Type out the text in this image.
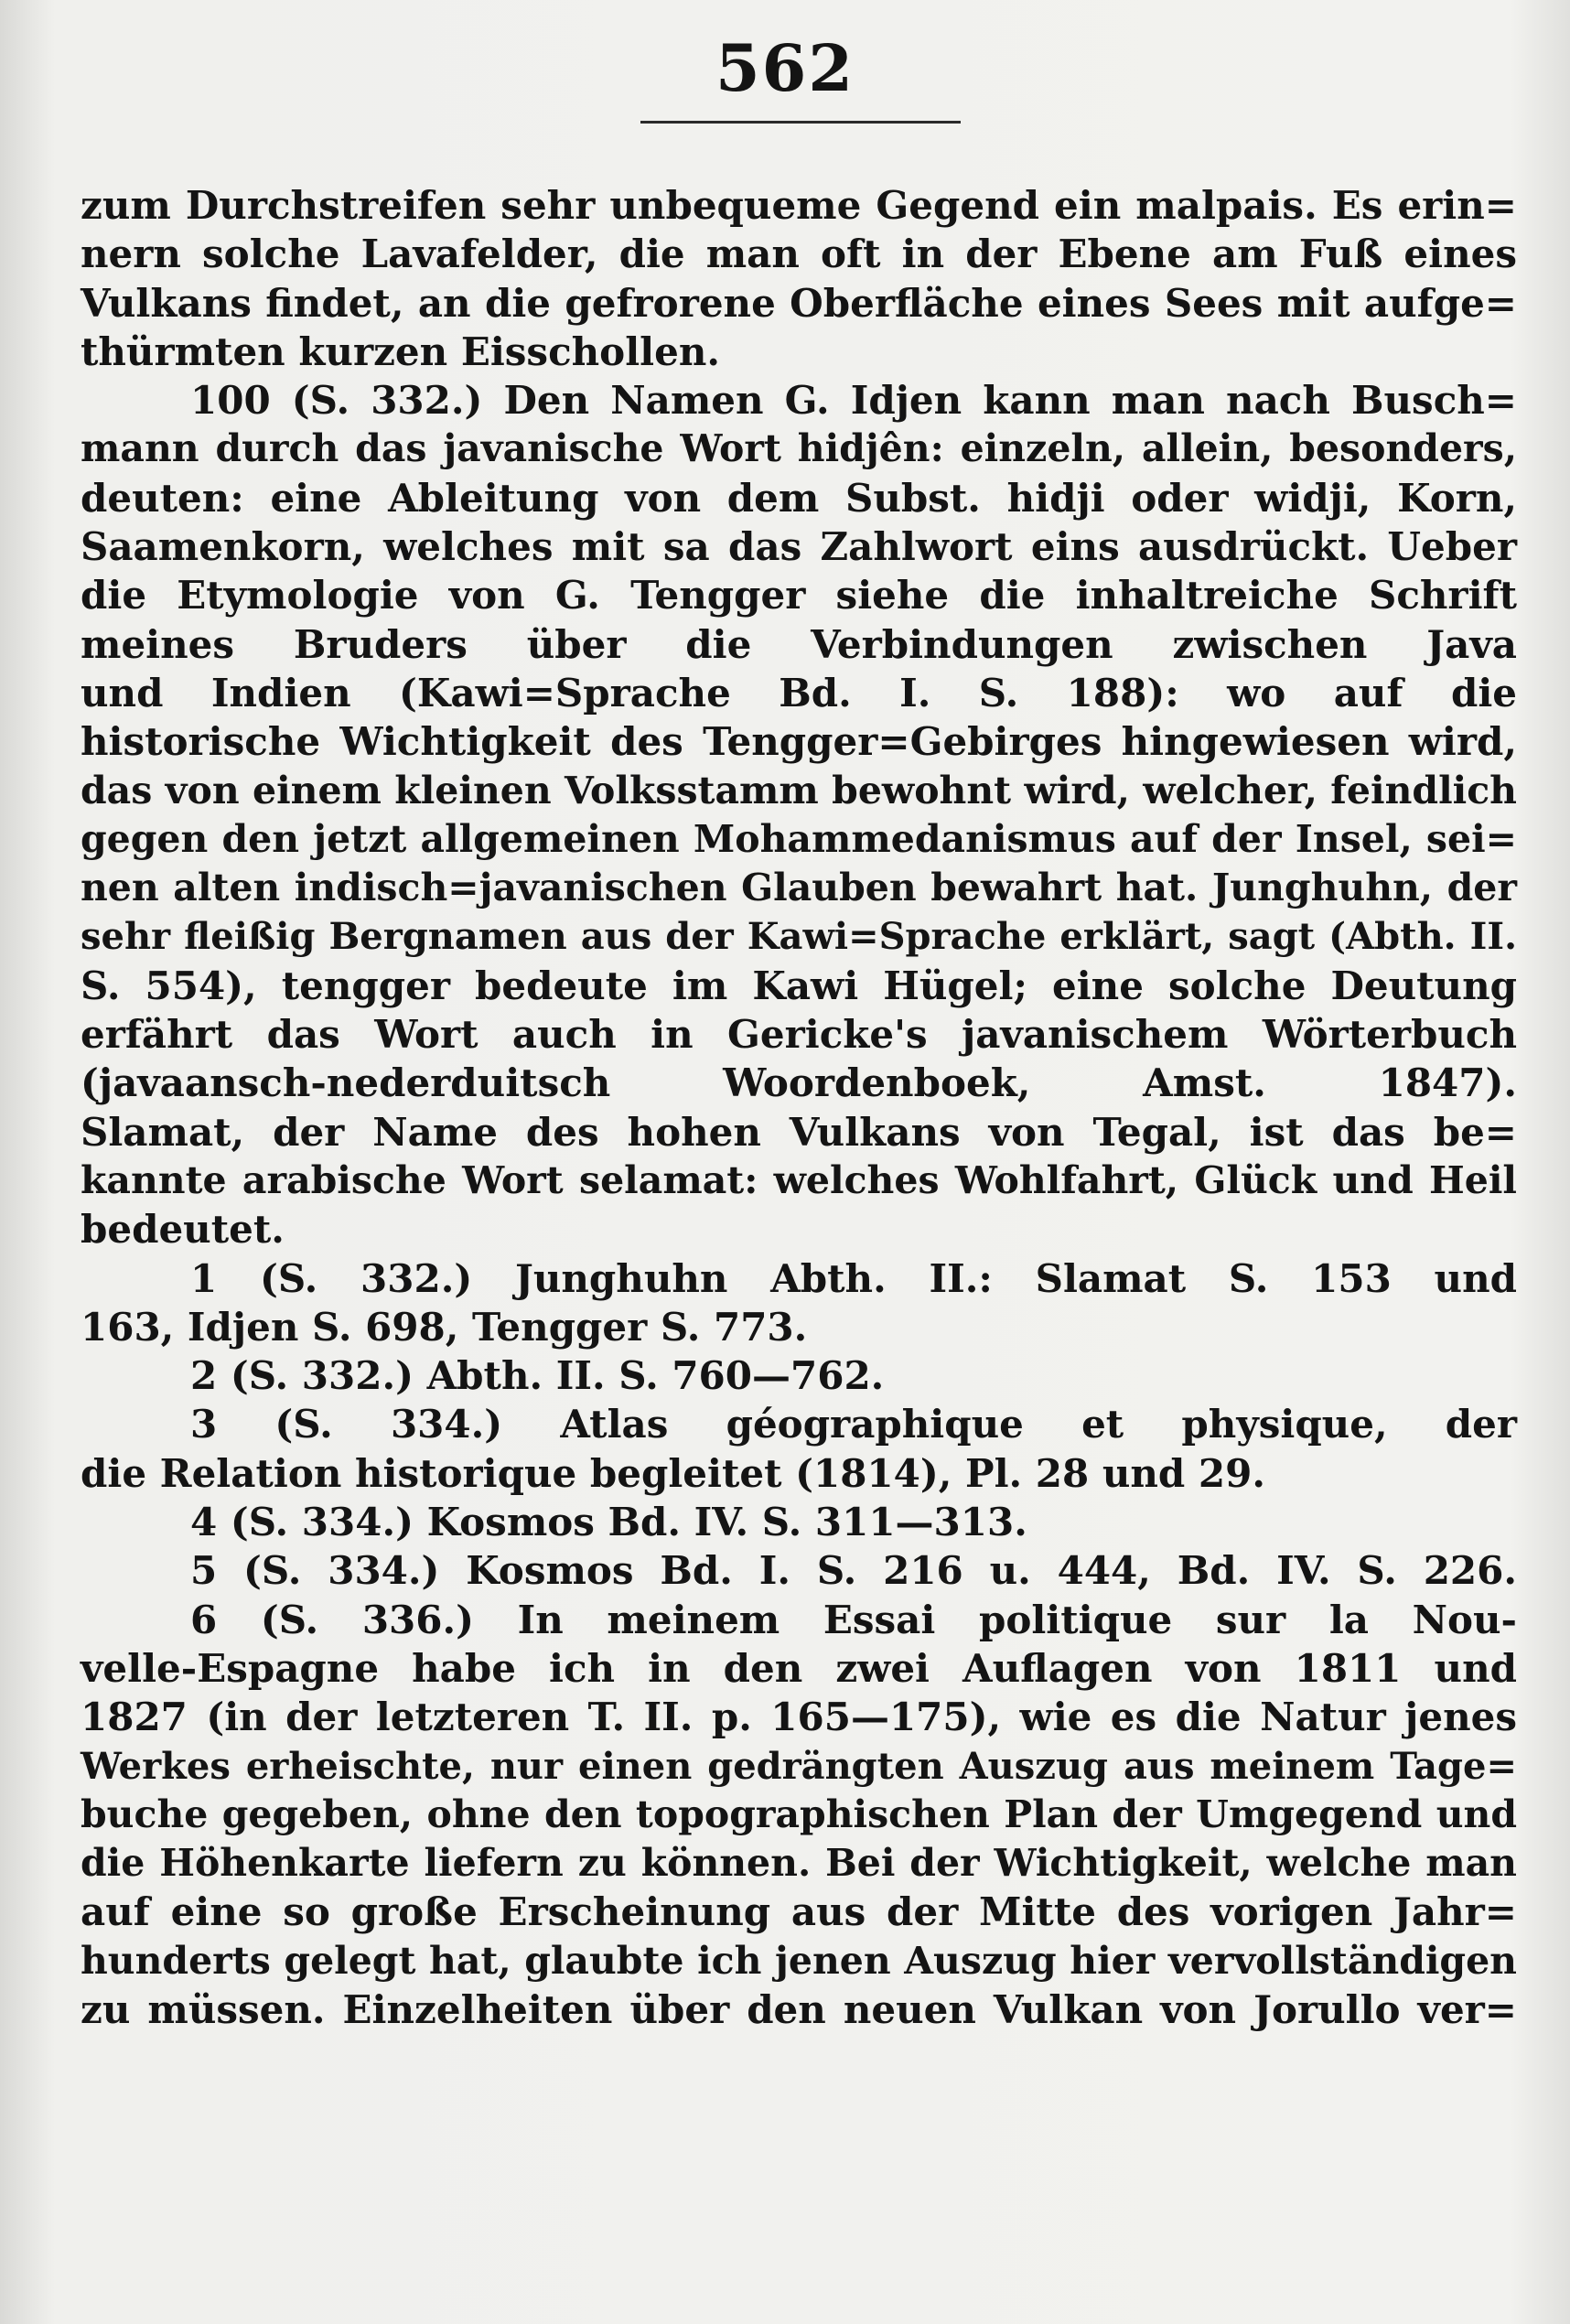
562
zum Durchstreifen sehr unbequeme Gegend ein malpais. Es erin=
nern solche Lavafelder, die man oft in der Ebene am Fuß eines
Vulkans findet, an die gefrorene Oberfläche eines Sees mit aufge=
thürmten kurzen Eisschollen.
100 (S. 332.) Den Namen G. Idjen kann man nach Busch=
mann durch das javanische Wort hidjên: einzeln, allein, besonders,
deuten: eine Ableitung von dem Subst. hidji oder widji, Korn,
Saamenkorn, welches mit sa das Zahlwort eins ausdrückt. Ueber
die Etymologie von G. Tengger siehe die inhaltreiche Schrift
meines Bruders über die Verbindungen zwischen Java
und Indien (Kawi=Sprache Bd. I. S. 188): wo auf die
historische Wichtigkeit des Tengger=Gebirges hingewiesen wird,
das von einem kleinen Volksstamm bewohnt wird, welcher, feindlich
gegen den jetzt allgemeinen Mohammedanismus auf der Insel, sei=
nen alten indisch=javanischen Glauben bewahrt hat. Junghuhn, der
sehr fleißig Bergnamen aus der Kawi=Sprache erklärt, sagt (Abth. II.
S. 554), tengger bedeute im Kawi Hügel; eine solche Deutung
erfährt das Wort auch in Gericke's javanischem Wörterbuch
(javaansch-nederduitsch Woordenboek, Amst. 1847).
Slamat, der Name des hohen Vulkans von Tegal, ist das be=
kannte arabische Wort selamat: welches Wohlfahrt, Glück und Heil
bedeutet.
1 (S. 332.) Junghuhn Abth. II.: Slamat S. 153 und
163, Idjen S. 698, Tengger S. 773.
2 (S. 332.) Abth. II. S. 760—762.
3 (S. 334.) Atlas géographique et physique, der
die Relation historique begleitet (1814), Pl. 28 und 29.
4 (S. 334.) Kosmos Bd. IV. S. 311—313.
5 (S. 334.) Kosmos Bd. I. S. 216 u. 444, Bd. IV. S. 226.
6 (S. 336.) In meinem Essai politique sur la Nou-
velle-Espagne habe ich in den zwei Auflagen von 1811 und
1827 (in der letzteren T. II. p. 165—175), wie es die Natur jenes
Werkes erheischte, nur einen gedrängten Auszug aus meinem Tage=
buche gegeben, ohne den topographischen Plan der Umgegend und
die Höhenkarte liefern zu können. Bei der Wichtigkeit, welche man
auf eine so große Erscheinung aus der Mitte des vorigen Jahr=
hunderts gelegt hat, glaubte ich jenen Auszug hier vervollständigen
zu müssen. Einzelheiten über den neuen Vulkan von Jorullo ver=
